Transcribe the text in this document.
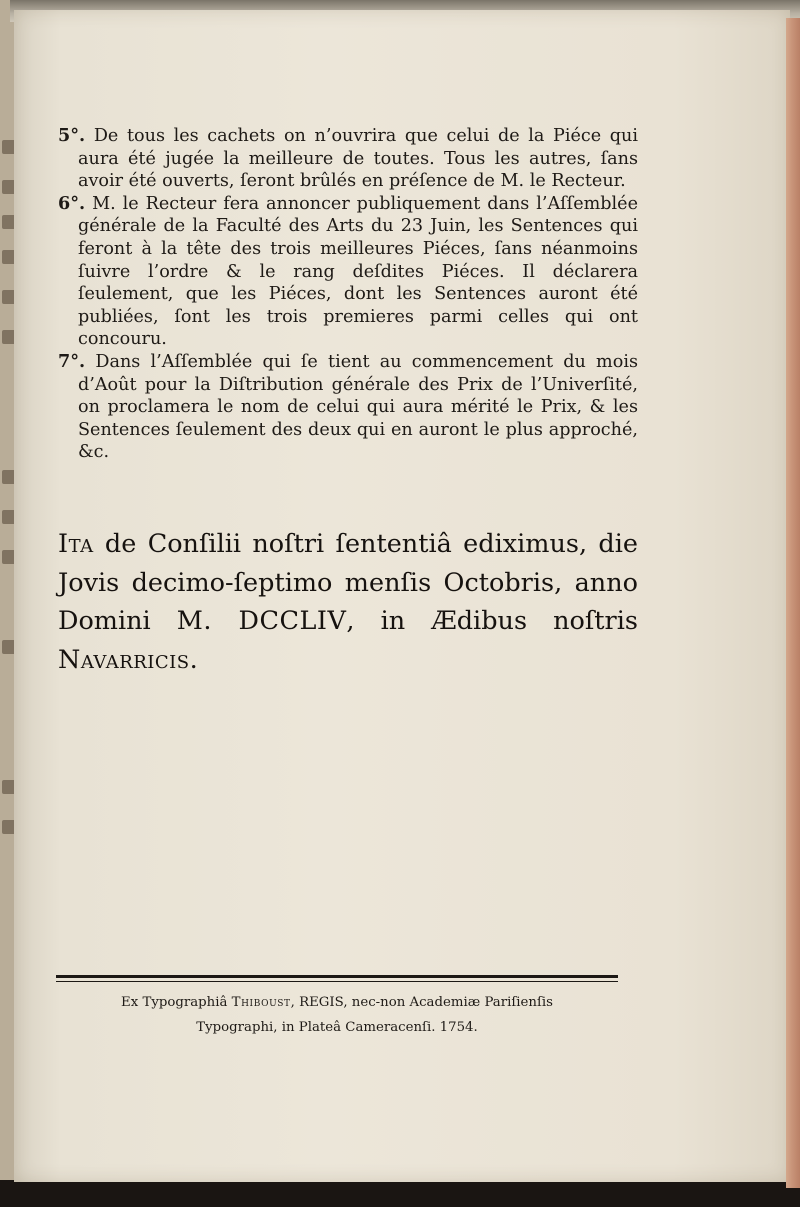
5°. De tous les cachets on n’ouvrira que celui de la Piéce qui aura été jugée la meilleure de toutes. Tous les autres, ſans avoir été ouverts, ſeront brûlés en préſence de M. le Recteur.

6°. M. le Recteur fera annoncer publiquement dans l’Aſſemblée générale de la Faculté des Arts du 23 Juin, les Sentences qui feront à la tête des trois meilleures Piéces, ſans néanmoins ſuivre l’ordre & le rang deſdites Piéces. Il déclarera ſeulement, que les Piéces, dont les Sentences auront été publiées, ſont les trois premieres parmi celles qui ont concouru.

7°. Dans l’Aſſemblée qui ſe tient au commencement du mois d’Août pour la Diſtribution générale des Prix de l’Univerſité, on proclamera le nom de celui qui aura mérité le Prix, & les Sentences ſeulement des deux qui en auront le plus approché, &c.

Ita de Conſilii noſtri ſententiâ ediximus, die Jovis decimo-ſeptimo menſis Octobris, anno Domini M. DCCLIV, in Ædibus noſtris Navarricis.
Ex Typographiâ Thiboust, REGIS, nec-non Academiæ Pariſienſis
Typographi, in Plateâ Cameracenſi. 1754.
